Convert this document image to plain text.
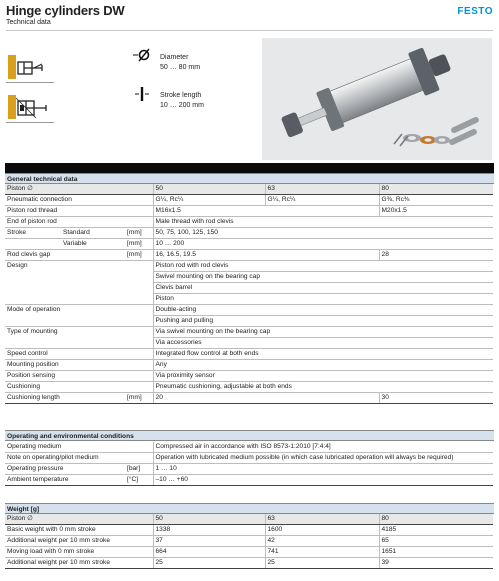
Hinge cylinders DW
Technical data
FESTO
Diameter
50 … 80 mm
Stroke length
10 … 200 mm
General technical data
Piston ∅			50	63	80
Pneumatic connection			G¼, Rc¼	G¼, Rc¼	G⅜, Rc⅜
Piston rod thread			M16x1.5		M20x1.5
End of piston rod			Male thread with rod clevis		
Stroke	Standard	[mm]	50, 75, 100, 125, 150		
	Variable	[mm]	10 … 200		
Rod clevis gap		[mm]	16, 16.5, 19.5		28
Design			Piston rod with rod clevis		
			Swivel mounting on the bearing cap		
			Clevis barrel		
			Piston		
Mode of operation			Double-acting		
			Pushing and pulling		
Type of mounting			Via swivel mounting on the bearing cap		
			Via accessories		
Speed control			Integrated flow control at both ends		
Mounting position			Any		
Position sensing			Via proximity sensor		
Cushioning			Pneumatic cushioning, adjustable at both ends		
Cushioning length		[mm]	20		30
Operating and environmental conditions
Operating medium		Compressed air in accordance with ISO 8573-1:2010 [7:4:4]
Note on operating/pilot medium		Operation with lubricated medium possible (in which case lubricated operation will always be required)
Operating pressure	[bar]	1 … 10
Ambient temperature	[°C]	–10 … +60
Weight [g]
Piston ∅	50	63	80
Basic weight with 0 mm stroke	1338	1600	4185
Additional weight per 10 mm stroke	37	42	65
Moving load with 0 mm stroke	664	741	1651
Additional weight per 10 mm stroke	25	25	39
